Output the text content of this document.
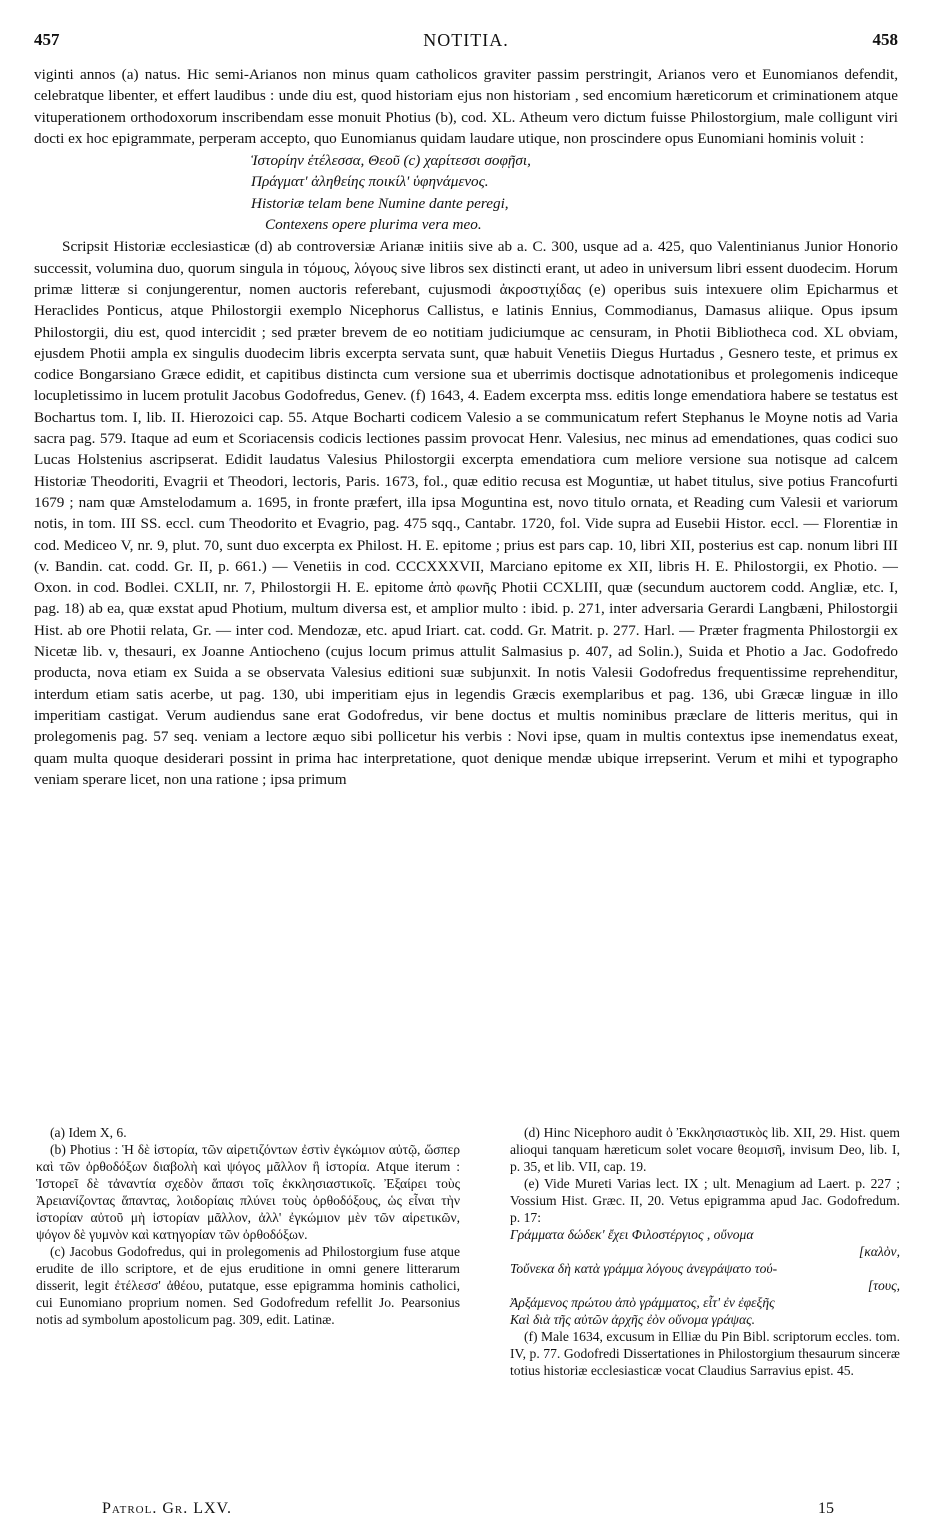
457	NOTITIA.	458

viginti annos (a) natus. Hic semi-Arianos non minus quam catholicos graviter passim perstringit, Arianos vero et Eunomianos defendit, celebratque libenter, et effert laudibus : unde diu est, quod historiam ejus non historiam , sed encomium hæreticorum et criminationem atque vituperationem orthodoxorum inscribendam esse monuit Photius (b), cod. XL. Atheum vero dictum fuisse Philostorgium, male colligunt viri docti ex hoc epigrammate, perperam accepto, quo Eunomianus quidam laudare utique, non proscindere opus Eunomiani hominis voluit :

Ἱστορίην ἐτέλεσσα, Θεοῦ (c) χαρίτεσσι σοφῇσι,
Πράγματ' ἀληθείης ποικίλ' ὑφηνάμενος.
Historiæ telam bene Numine dante peregi,
Contexens opere plurima vera meo.

Scripsit Historiæ ecclesiasticæ (d) ab controversiæ Arianæ initiis sive ab a. C. 300, usque ad a. 425, quo Valentinianus Junior Honorio successit, volumina duo, quorum singula in τόμους, λόγους sive libros sex distincti erant, ut adeo in universum libri essent duodecim. Horum primæ litteræ si conjungerentur, nomen auctoris referebant, cujusmodi ἀκροστιχίδας (e) operibus suis intexuere olim Epicharmus et Heraclides Ponticus, atque Philostorgii exemplo Nicephorus Callistus, e latinis Ennius, Commodianus, Damasus aliique. Opus ipsum Philostorgii, diu est, quod intercidit ; sed præter brevem de eo notitiam judiciumque ac censuram, in Photii Bibliotheca cod. XL obviam, ejusdem Photii ampla ex singulis duodecim libris excerpta servata sunt, quæ habuit Venetiis Diegus Hurtadus , Gesnero teste, et primus ex codice Bongarsiano Græce edidit, et capitibus distincta cum versione sua et uberrimis doctisque adnotationibus et prolegomenis indiceque locupletissimo in lucem protulit Jacobus Godofredus, Genev. (f) 1643, 4. Eadem excerpta mss. editis longe emendatiora habere se testatus est Bochartus tom. I, lib. II. Hierozoici cap. 55. Atque Bocharti codicem Valesio a se communicatum refert Stephanus le Moyne notis ad Varia sacra pag. 579. Itaque ad eum et Scoriacensis codicis lectiones passim provocat Henr. Valesius, nec minus ad emendationes, quas codici suo Lucas Holstenius ascripserat. Edidit laudatus Valesius Philostorgii excerpta emendatiora cum meliore versione sua notisque ad calcem Historiæ Theodoriti, Evagrii et Theodori, lectoris, Paris. 1673, fol., quæ editio recusa est Moguntiæ, ut habet titulus, sive potius Francofurti 1679 ; nam quæ Amstelodamum a. 1695, in fronte præfert, illa ipsa Moguntina est, novo titulo ornata, et Reading cum Valesii et variorum notis, in tom. III SS. eccl. cum Theodorito et Evagrio, pag. 475 sqq., Cantabr. 1720, fol. Vide supra ad Eusebii Histor. eccl. — Florentiæ in cod. Mediceo V, nr. 9, plut. 70, sunt duo excerpta ex Philost. H. E. epitome ; prius est pars cap. 10, libri XII, posterius est cap. nonum libri III (v. Bandin. cat. codd. Gr. II, p. 661.) — Venetiis in cod. CCCXXXVII, Marciano epitome ex XII, libris H. E. Philostorgii, ex Photio. — Oxon. in cod. Bodlei. CXLII, nr. 7, Philostorgii H. E. epitome ἀπὸ φωνῆς Photii CCXLIII, quæ (secundum auctorem codd. Angliæ, etc. I, pag. 18) ab ea, quæ exstat apud Photium, multum diversa est, et amplior multo : ibid. p. 271, inter adversaria Gerardi Langbæni, Philostorgii Hist. ab ore Photii relata, Gr. — inter cod. Mendozæ, etc. apud Iriart. cat. codd. Gr. Matrit. p. 277. Harl. — Præter fragmenta Philostorgii ex Nicetæ lib. v, thesauri, ex Joanne Antiocheno (cujus locum primus attulit Salmasius p. 407, ad Solin.), Suida et Photio a Jac. Godofredo producta, nova etiam ex Suida a se observata Valesius editioni suæ subjunxit. In notis Valesii Godofredus frequentissime reprehenditur, interdum etiam satis acerbe, ut pag. 130, ubi imperitiam ejus in legendis Græcis exemplaribus et pag. 136, ubi Græcæ linguæ in illo imperitiam castigat. Verum audiendus sane erat Godofredus, vir bene doctus et multis nominibus præclare de litteris meritus, qui in prolegomenis pag. 57 seq. veniam a lectore æquo sibi pollicetur his verbis : Novi ipse, quam in multis contextus ipse inemendatus exeat, quam multa quoque desiderari possint in prima hac interpretatione, quot denique mendæ ubique irrepserint. Verum et mihi et typographo veniam sperare licet, non una ratione ; ipsa primum

(a) Idem X, 6.

(b) Photius : Ἡ δὲ ἱστορία, τῶν αἱρετιζόντων ἐστὶν ἐγκώμιον αὐτῷ, ὥσπερ καὶ τῶν ὀρθοδόξων διαβολὴ καὶ ψόγος μᾶλλον ἢ ἱστορία. Atque iterum : Ἱστορεῖ δὲ τἀναντία σχεδὸν ἅπασι τοῖς ἐκκλησιαστικοῖς. Ἐξαίρει τοὺς Ἀρειανίζοντας ἅπαντας, λοιδορίαις πλύνει τοὺς ὀρθοδόξους, ὡς εἶναι τὴν ἱστορίαν αὐτοῦ μὴ ἱστορίαν μᾶλλον, ἀλλ' ἐγκώμιον μὲν τῶν αἱρετικῶν, ψόγον δὲ γυμνὸν καὶ κατηγορίαν τῶν ὀρθοδόξων.

(c) Jacobus Godofredus, qui in prolegomenis ad Philostorgium fuse atque erudite de illo scriptore, et de ejus eruditione in omni genere litterarum disserit, legit ἐτέλεσσ' ἀθέου, putatque, esse epigramma hominis catholici, cui Eunomiano proprium nomen. Sed Godofredum refellit Jo. Pearsonius notis ad symbolum apostolicum pag. 309, edit. Latinæ.

(d) Hinc Nicephoro audit ὁ Ἐκκλησιαστικὸς lib. XII, 29. Hist. quem alioqui tanquam hæreticum solet vocare θεομισῆ, invisum Deo, lib. I, p. 35, et lib. VII, cap. 19.

(e) Vide Mureti Varias lect. IX ; ult. Menagium ad Laert. p. 227 ; Vossium Hist. Græc. II, 20. Vetus epigramma apud Jac. Godofredum. p. 17:

Γράμματα δώδεκ' ἔχει Φιλοστέργιος , οὔνομα
[καλὸν,
Τοὔνεκα δὴ κατὰ γράμμα λόγους ἀνεγράψατο τού-
[τους,
Ἀρξάμενος πρώτου ἀπὸ γράμματος, εἶτ' ἐν ἐφεξῆς
Καὶ διὰ τῆς αὐτῶν ἀρχῆς ἐὸν οὔνομα γράψας.

(f) Male 1634, excusum in Elliæ du Pin Bibl. scriptorum eccles. tom. IV, p. 77. Godofredi Dissertationes in Philostorgium thesaurum sinceræ totius historiæ ecclesiasticæ vocat Claudius Sarravius epist. 45.

Patrol. Gr. LXV.	15
